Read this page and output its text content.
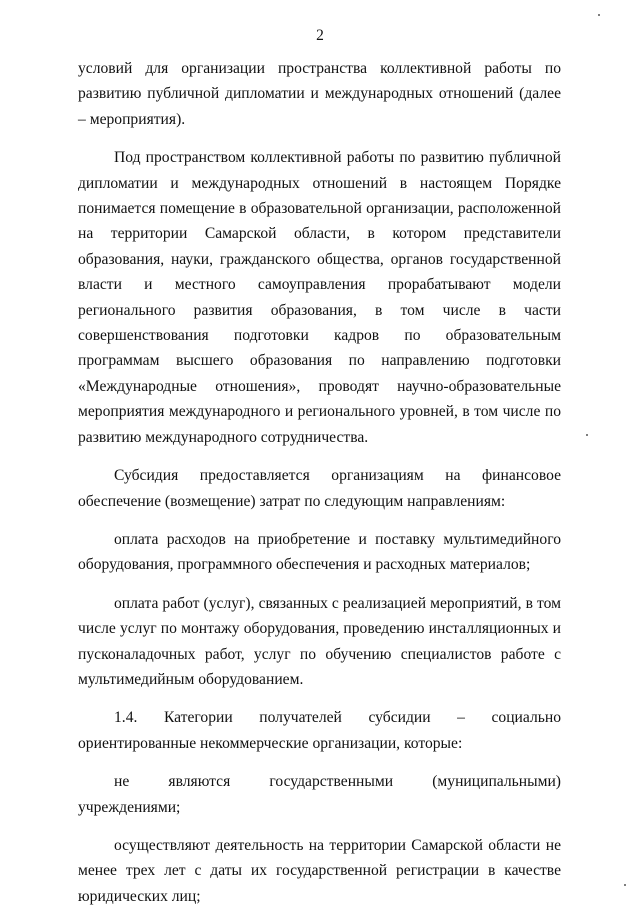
2

условий для организации пространства коллективной работы по развитию публичной дипломатии и международных отношений (далее – мероприятия).

Под пространством коллективной работы по развитию публичной дипломатии и международных отношений в настоящем Порядке понимается помещение в образовательной организации, расположенной на территории Самарской области, в котором представители образования, науки, гражданского общества, органов государственной власти и местного самоуправления прорабатывают модели регионального развития образования, в том числе в части совершенствования подготовки кадров по образовательным программам высшего образования по направлению подготовки «Международные отношения», проводят научно-образовательные мероприятия международного и регионального уровней, в том числе по развитию международного сотрудничества.

Субсидия предоставляется организациям на финансовое обеспечение (возмещение) затрат по следующим направлениям:

оплата расходов на приобретение и поставку мультимедийного оборудования, программного обеспечения и расходных материалов;

оплата работ (услуг), связанных с реализацией мероприятий, в том числе услуг по монтажу оборудования, проведению инсталляционных и пусконаладочных работ, услуг по обучению специалистов работе с мультимедийным оборудованием.

1.4. Категории получателей субсидии – социально ориентированные некоммерческие организации, которые:

не являются государственными (муниципальными) учреждениями;

осуществляют деятельность на территории Самарской области не менее трех лет с даты их государственной регистрации в качестве юридических лиц;
